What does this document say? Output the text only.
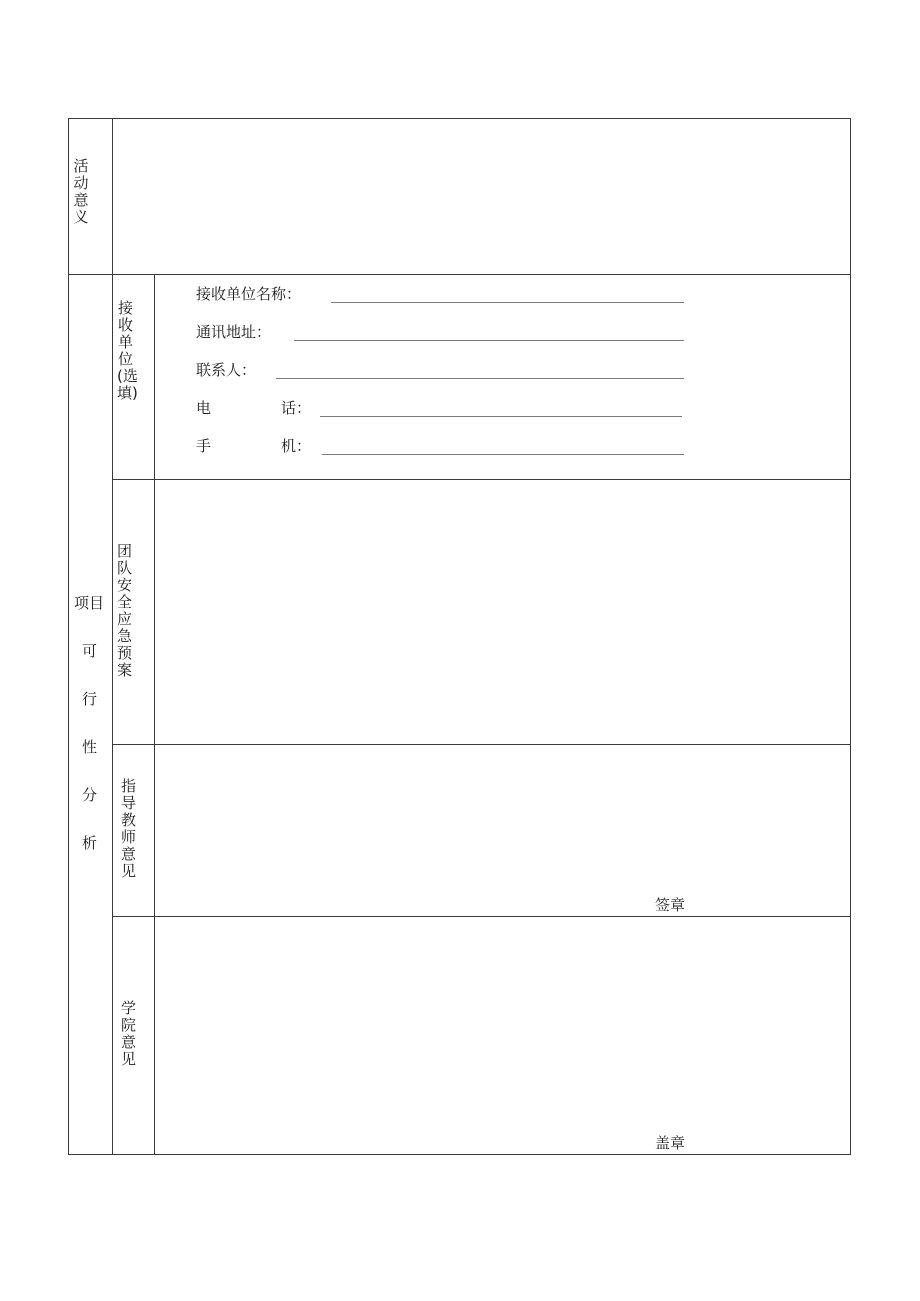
活动意义
项目
可
行
性
分
析
接收单位(选填)
接收单位名称：
通讯地址：
联系人：
电	话：
手	机：
团队安全应急预案
指导教师意见
签章
学院意见
盖章
